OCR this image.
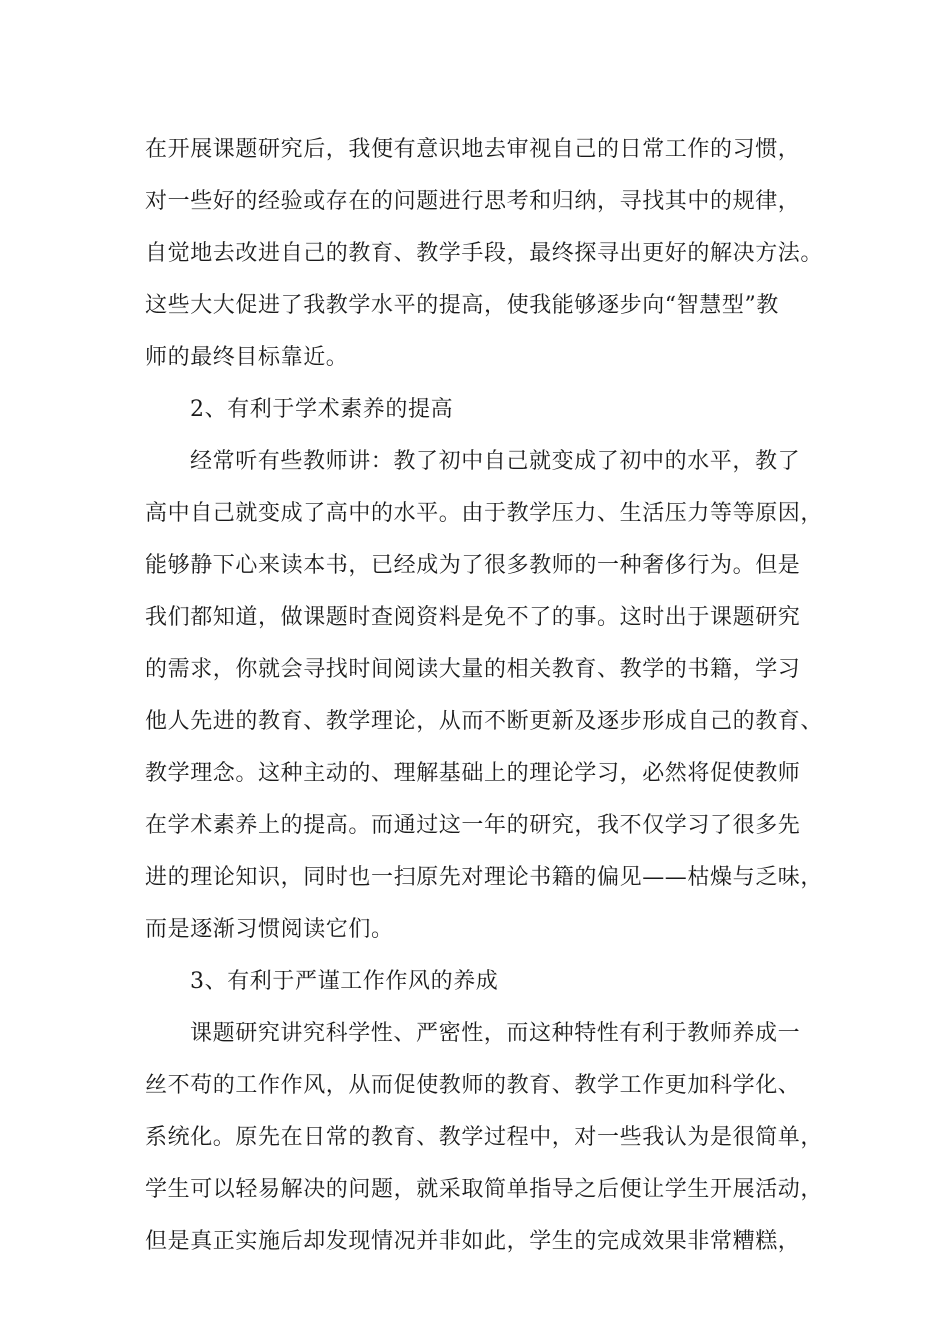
在开展课题研究后，我便有意识地去审视自己的日常工作的习惯，
对一些好的经验或存在的问题进行思考和归纳，寻找其中的规律，
自觉地去改进自己的教育、教学手段，最终探寻出更好的解决方法。
这些大大促进了我教学水平的提高，使我能够逐步向“智慧型”教
师的最终目标靠近。
2、有利于学术素养的提高
经常听有些教师讲：教了初中自己就变成了初中的水平，教了
高中自己就变成了高中的水平。由于教学压力、生活压力等等原因，
能够静下心来读本书，已经成为了很多教师的一种奢侈行为。但是
我们都知道，做课题时查阅资料是免不了的事。这时出于课题研究
的需求，你就会寻找时间阅读大量的相关教育、教学的书籍，学习
他人先进的教育、教学理论，从而不断更新及逐步形成自己的教育、
教学理念。这种主动的、理解基础上的理论学习，必然将促使教师
在学术素养上的提高。而通过这一年的研究，我不仅学习了很多先
进的理论知识，同时也一扫原先对理论书籍的偏见——枯燥与乏味，
而是逐渐习惯阅读它们。
3、有利于严谨工作作风的养成
课题研究讲究科学性、严密性，而这种特性有利于教师养成一
丝不苟的工作作风，从而促使教师的教育、教学工作更加科学化、
系统化。原先在日常的教育、教学过程中，对一些我认为是很简单，
学生可以轻易解决的问题，就采取简单指导之后便让学生开展活动，
但是真正实施后却发现情况并非如此，学生的完成效果非常糟糕，
